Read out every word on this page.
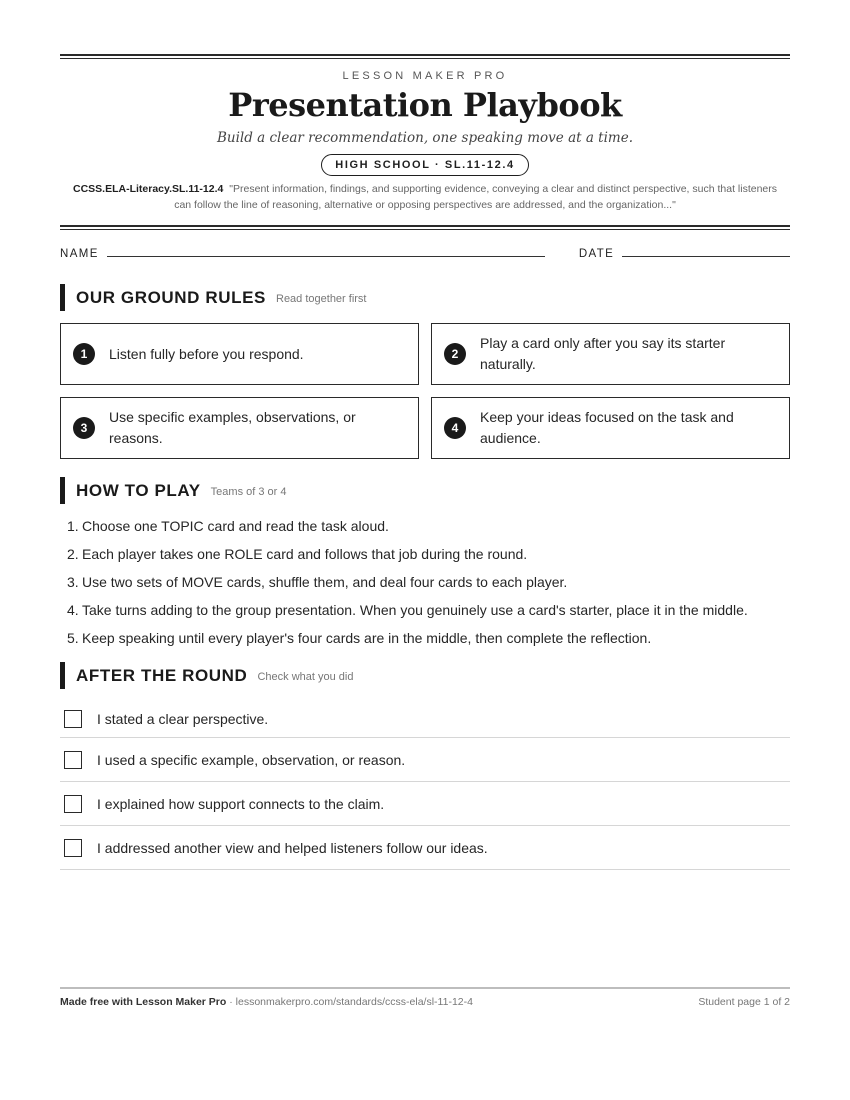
LESSON MAKER PRO
Presentation Playbook
Build a clear recommendation, one speaking move at a time.
HIGH SCHOOL · SL.11-12.4
CCSS.ELA-Literacy.SL.11-12.4 "Present information, findings, and supporting evidence, conveying a clear and distinct perspective, such that listeners can follow the line of reasoning, alternative or opposing perspectives are addressed, and the organization..."
NAME	DATE
OUR GROUND RULES Read together first
1	Listen fully before you respond.	2
Play a card only after you say its starter naturally.
3
Use specific examples, observations, or reasons.
4
Keep your ideas focused on the task and audience.
HOW TO PLAY Teams of 3 or 4
1. Choose one TOPIC card and read the task aloud.
2. Each player takes one ROLE card and follows that job during the round.
3. Use two sets of MOVE cards, shuffle them, and deal four cards to each player.
4. Take turns adding to the group presentation. When you genuinely use a card's starter, place it in the middle.
5. Keep speaking until every player's four cards are in the middle, then complete the reflection.
AFTER THE ROUND Check what you did
I stated a clear perspective.
I used a specific example, observation, or reason.
I explained how support connects to the claim.
I addressed another view and helped listeners follow our ideas.
Made free with Lesson Maker Pro · lessonmakerpro.com/standards/ccss-ela/sl-11-12-4	Student page 1 of 2
